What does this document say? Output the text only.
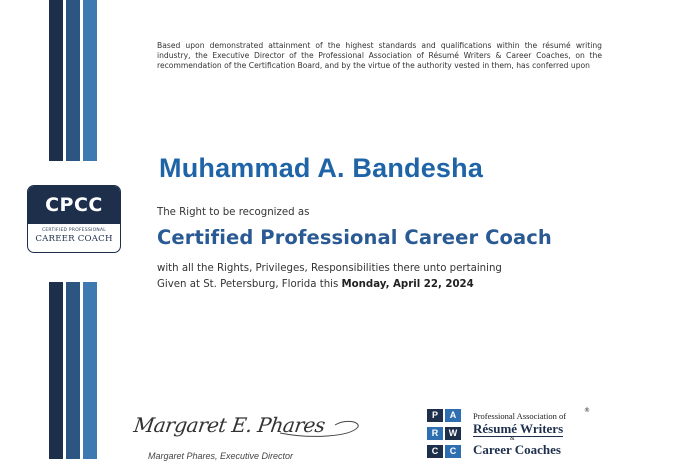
CPCC
CERTIFIED PROFESSIONAL
CAREER COACH
Based upon demonstrated attainment of the highest standards and qualifications within the résumé writing industry, the Executive Director of the Professional Association of Résumé Writers & Career Coaches, on the recommendation of the Certification Board, and by the virtue of the authority vested in them, has conferred upon
Muhammad A. Bandesha
The Right to be recognized as
Certified Professional Career Coach
with all the Rights, Privileges, Responsibilities there unto pertaining
Given at St. Petersburg, Florida this Monday, April 22, 2024
Margaret E. Phares
Margaret Phares, Executive Director
P	A
R	W
C	C
Professional Association of
®
Résumé Writers
&
Career Coaches
